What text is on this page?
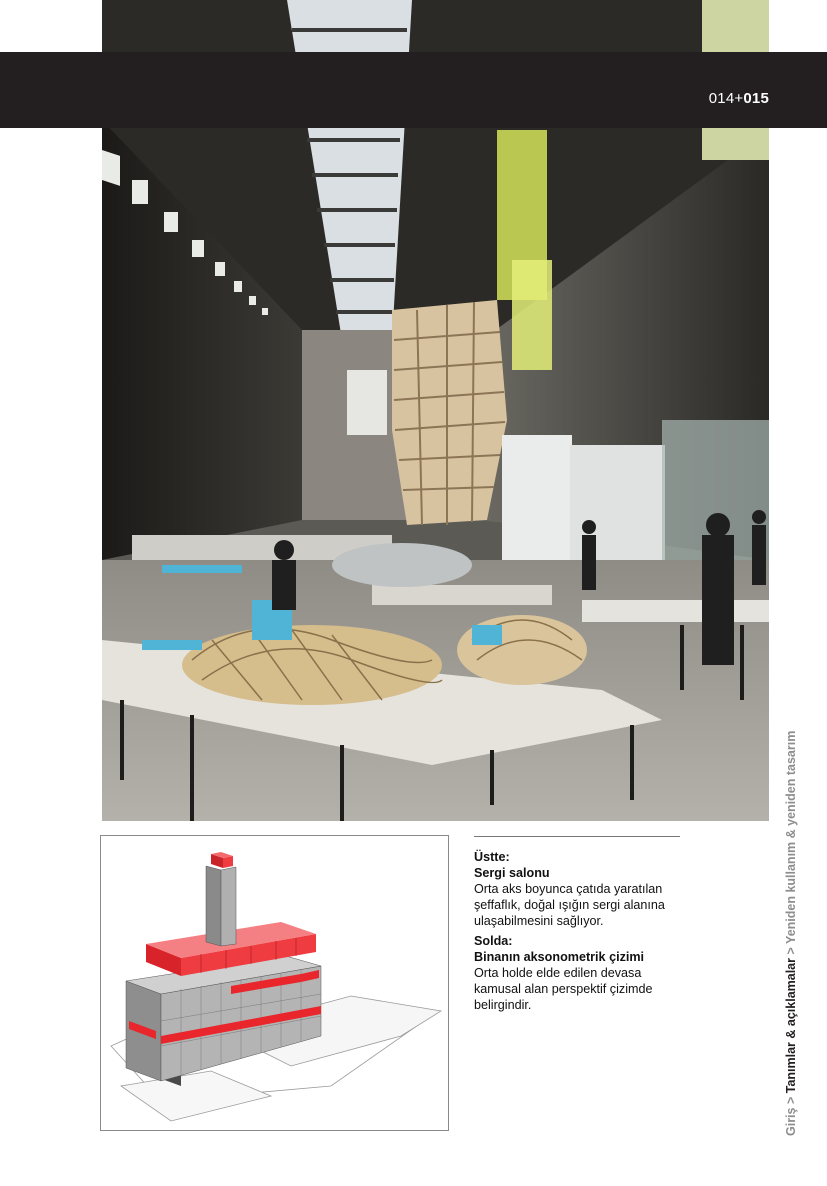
014+015

Üstte:

Sergi salonu

Orta aks boyunca çatıda yaratılan şeffaflık, doğal ışığın sergi alanına ulaşabilmesini sağlıyor.

Solda:

Binanın aksonometrik çizimi

Orta holde elde edilen devasa kamusal alan perspektif çizimde belirgindir.

Giriş > Tanımlar & açıklamalar > Yeniden kullanım & yeniden tasarım
